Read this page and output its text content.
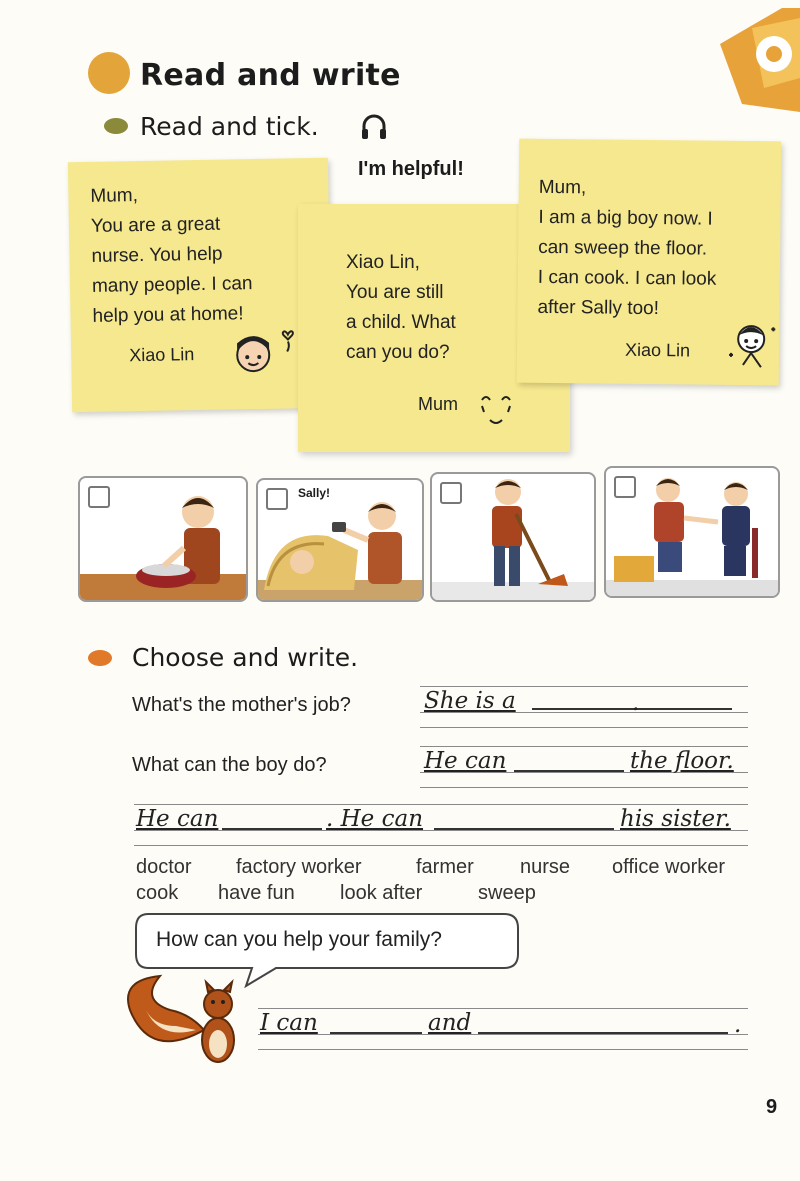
Read and write
Read and tick.
I'm helpful!
Mum,
You are a great
nurse. You help
many people. I can
help you at home!
Xiao Lin
Xiao Lin,
You are still
a child. What
can you do?
Mum
Mum,
I am a big boy now. I
can sweep the floor.
I can cook. I can look
after Sally too!
Xiao Lin
Sally!
Choose and write.
What's the mother's job?	She is a	.
What can the boy do?	He can	the floor.
He can	. He can	his sister.
doctor factory worker	farmer nurse office worker
cook have fun look after	sweep
How can you help your family?
I can	and	.
9
